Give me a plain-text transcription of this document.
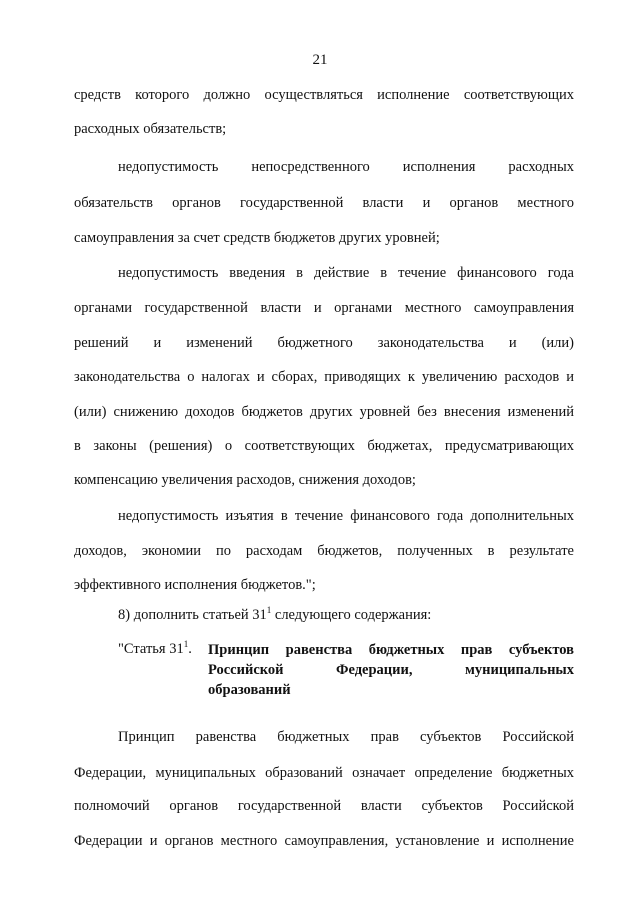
21
средств которого должно осуществляться исполнение соответствующих
расходных обязательств;
недопустимость непосредственного исполнения расходных
обязательств органов государственной власти и органов местного
самоуправления за счет средств бюджетов других уровней;
недопустимость введения в действие в течение финансового года
органами государственной власти и органами местного самоуправления
решений и изменений бюджетного законодательства и (или)
законодательства о налогах и сборах, приводящих к увеличению расходов и
(или) снижению доходов бюджетов других уровней без внесения изменений
в законы (решения) о соответствующих бюджетах, предусматривающих
компенсацию увеличения расходов, снижения доходов;
недопустимость изъятия в течение финансового года дополнительных
доходов, экономии по расходам бюджетов, полученных в результате
эффективного исполнения бюджетов.";
8) дополнить статьей $31^1$ следующего содержания:
"Статья $31^1$. Принцип равенства бюджетных прав субъектов
Российской Федерации, муниципальных
образований
Принцип равенства бюджетных прав субъектов Российской
Федерации, муниципальных образований означает определение бюджетных
полномочий органов государственной власти субъектов Российской
Федерации и органов местного самоуправления, установление и исполнение
